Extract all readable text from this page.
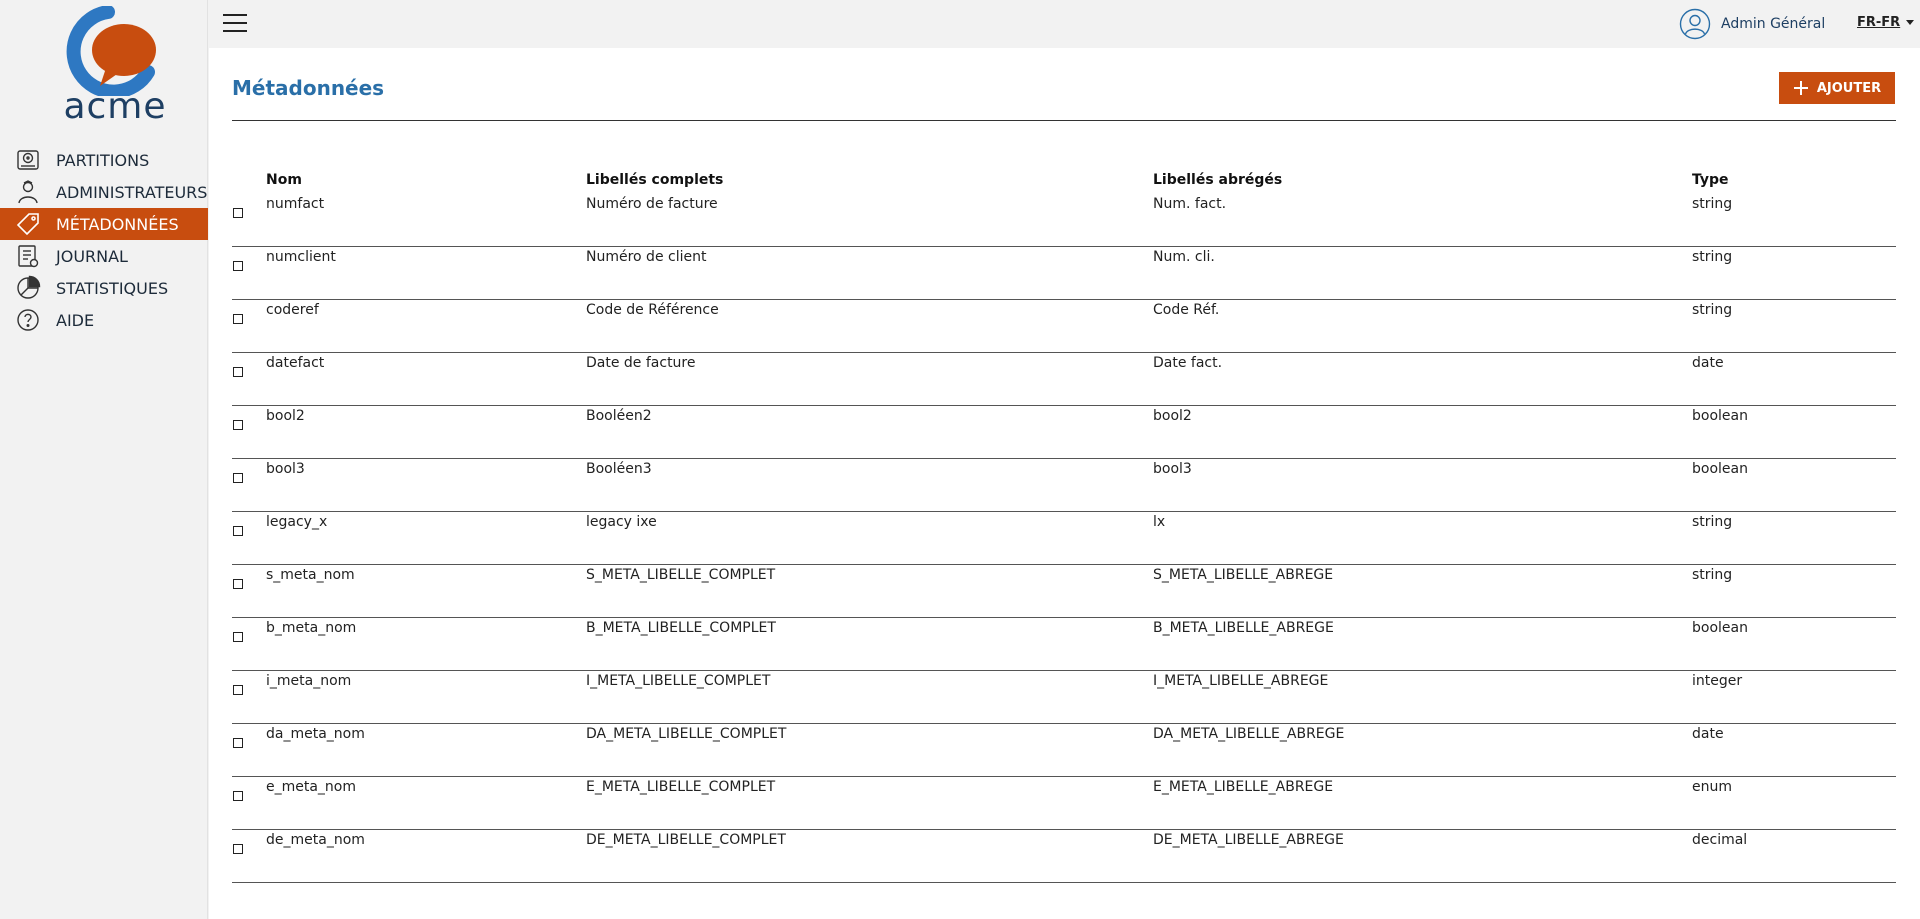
acme
PARTITIONS
ADMINISTRATEURS
MÉTADONNÉES
JOURNAL
STATISTIQUES
AIDE
Admin Général FR-FR
Métadonnées	AJOUTER
Nom	Libellés complets	Libellés abrégés	Type
numfact	Numéro de facture	Num. fact.	string
numclient	Numéro de client	Num. cli.	string
coderef	Code de Référence	Code Réf.	string
datefact	Date de facture	Date fact.	date
bool2	Booléen2	bool2	boolean
bool3	Booléen3	bool3	boolean
legacy_x	legacy ixe	lx	string
s_meta_nom	S_META_LIBELLE_COMPLET	S_META_LIBELLE_ABREGE	string
b_meta_nom	B_META_LIBELLE_COMPLET	B_META_LIBELLE_ABREGE	boolean
i_meta_nom	I_META_LIBELLE_COMPLET	I_META_LIBELLE_ABREGE	integer
da_meta_nom	DA_META_LIBELLE_COMPLET	DA_META_LIBELLE_ABREGE	date
e_meta_nom	E_META_LIBELLE_COMPLET	E_META_LIBELLE_ABREGE	enum
de_meta_nom	DE_META_LIBELLE_COMPLET	DE_META_LIBELLE_ABREGE	decimal
